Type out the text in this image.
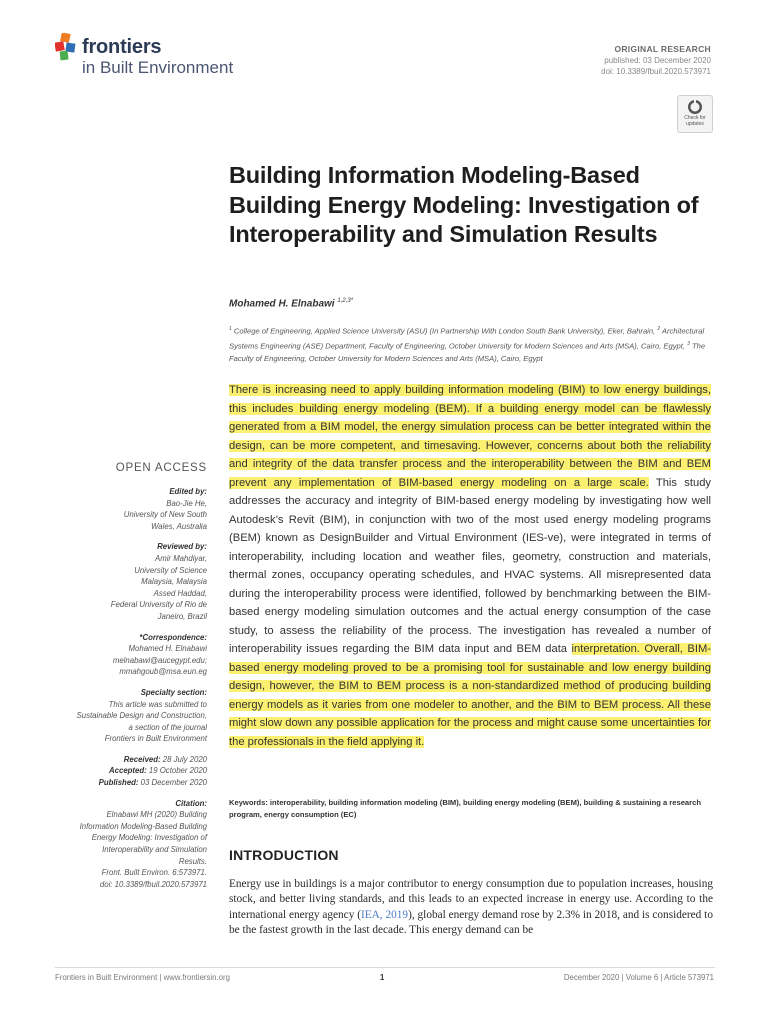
frontiers
in Built Environment
ORIGINAL RESEARCH
published: 03 December 2020
doi: 10.3389/fbuil.2020.573971
Check for updates
Building Information Modeling-Based Building Energy Modeling: Investigation of Interoperability and Simulation Results
Mohamed H. Elnabawi $^{1,2,3*}$
$^1$ College of Engineering, Applied Science University (ASU) (In Partnership With London South Bank University), Eker, Bahrain, $^2$ Architectural Systems Engineering (ASE) Department, Faculty of Engineering, October University for Modern Sciences and Arts (MSA), Cairo, Egypt, $^3$ The Faculty of Engineering, October University for Modern Sciences and Arts (MSA), Cairo, Egypt
There is increasing need to apply building information modeling (BIM) to low energy buildings, this includes building energy modeling (BEM). If a building energy model can be flawlessly generated from a BIM model, the energy simulation process can be better integrated within the design, can be more competent, and timesaving. However, concerns about both the reliability and integrity of the data transfer process and the interoperability between the BIM and BEM prevent any implementation of BIM-based energy modeling on a large scale. This study addresses the accuracy and integrity of BIM-based energy modeling by investigating how well Autodesk’s Revit (BIM), in conjunction with two of the most used energy modeling programs (BEM) known as DesignBuilder and Virtual Environment (IES-ve), were integrated in terms of interoperability, including location and weather files, geometry, construction and materials, thermal zones, occupancy operating schedules, and HVAC systems. All misrepresented data during the interoperability process were identified, followed by benchmarking between the BIM-based energy modeling simulation outcomes and the actual energy consumption of the case study, to assess the reliability of the process. The investigation has revealed a number of interoperability issues regarding the BIM data input and BEM data interpretation. Overall, BIM-based energy modeling proved to be a promising tool for sustainable and low energy building design, however, the BIM to BEM process is a non-standardized method of producing building energy models as it varies from one modeler to another, and the BIM to BEM process. All these might slow down any possible application for the process and might cause some uncertainties for the professionals in the field applying it.
Keywords: interoperability, building information modeling (BIM), building energy modeling (BEM), building & sustaining a research program, energy consumption (EC)
INTRODUCTION
Energy use in buildings is a major contributor to energy consumption due to population increases, housing stock, and better living standards, and this leads to an expected increase in energy use. According to the international energy agency (IEA, 2019), global energy demand rose by 2.3% in 2018, and is considered to be the fastest growth in the last decade. This energy demand can be
OPEN ACCESS
Edited by:
Bao-Jie He,
University of New South
Wales, Australia
Reviewed by:
Amir Mahdiyar,
University of Science
Malaysia, Malaysia
Assed Haddad,
Federal University of Rio de
Janeiro, Brazil
*Correspondence:
Mohamed H. Elnabawi
melnabawi@aucegypt.edu;
mmahgoub@msa.eun.eg
Specialty section:
This article was submitted to
Sustainable Design and Construction,
a section of the journal
Frontiers in Built Environment
Received: 28 July 2020
Accepted: 19 October 2020
Published: 03 December 2020
Citation:
Elnabawi MH (2020) Building
Information Modeling-Based Building
Energy Modeling: Investigation of
Interoperability and Simulation
Results.
Front. Built Environ. 6:573971.
doi: 10.3389/fbuil.2020.573971
Frontiers in Built Environment | www.frontiersin.org	1	December 2020 | Volume 6 | Article 573971
